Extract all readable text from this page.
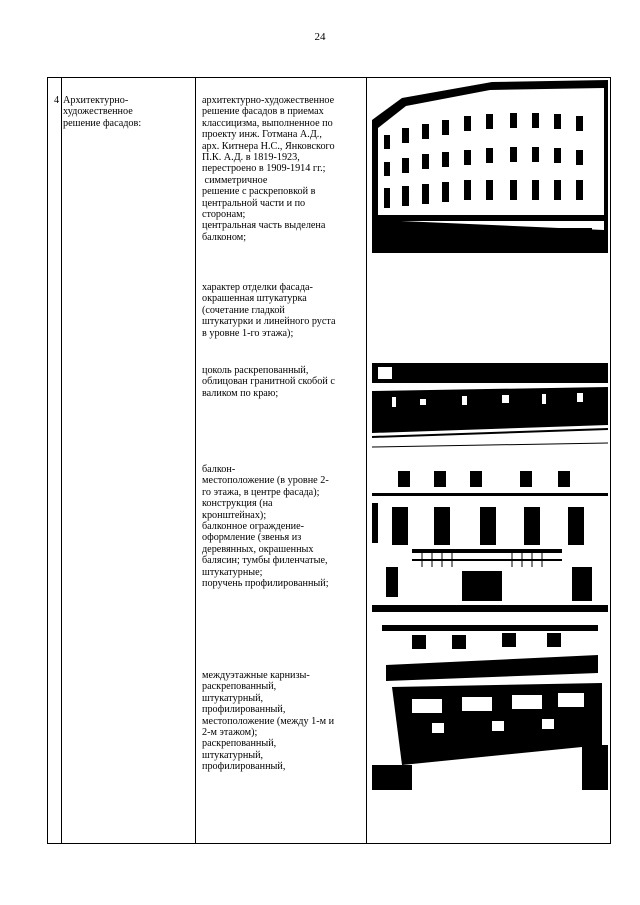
24
4 Архитектурно-
художественное
решение фасадов:
архитектурно-художественное
решение фасадов в приемах
классицизма, выполненное по
проекту инж. Готмана А.Д.,
арх. Китнера Н.С., Янковского
П.К. А.Д. в 1819-1923,
перестроено в 1909-1914 гг.;
симметричное
решение с раскреповкой в
центральной части и по
сторонам;
центральная часть выделена
балконом;
характер отделки фасада-
окрашенная штукатурка
(сочетание гладкой
штукатурки и линейного руста
в уровне 1-го этажа);
цоколь раскрепованный,
облицован гранитной скобой с
валиком по краю;
балкон-
местоположение (в уровне 2-
го этажа, в центре фасада);
конструкция (на
кронштейнах);
балконное ограждение-
оформление (звенья из
деревянных, окрашенных
балясин; тумбы филенчатые,
штукатурные;
поручень профилированный;
междуэтажные карнизы-
раскрепованный,
штукатурный,
профилированный,
местоположение (между 1-м и
2-м этажом);
раскрепованный,
штукатурный,
профилированный,
